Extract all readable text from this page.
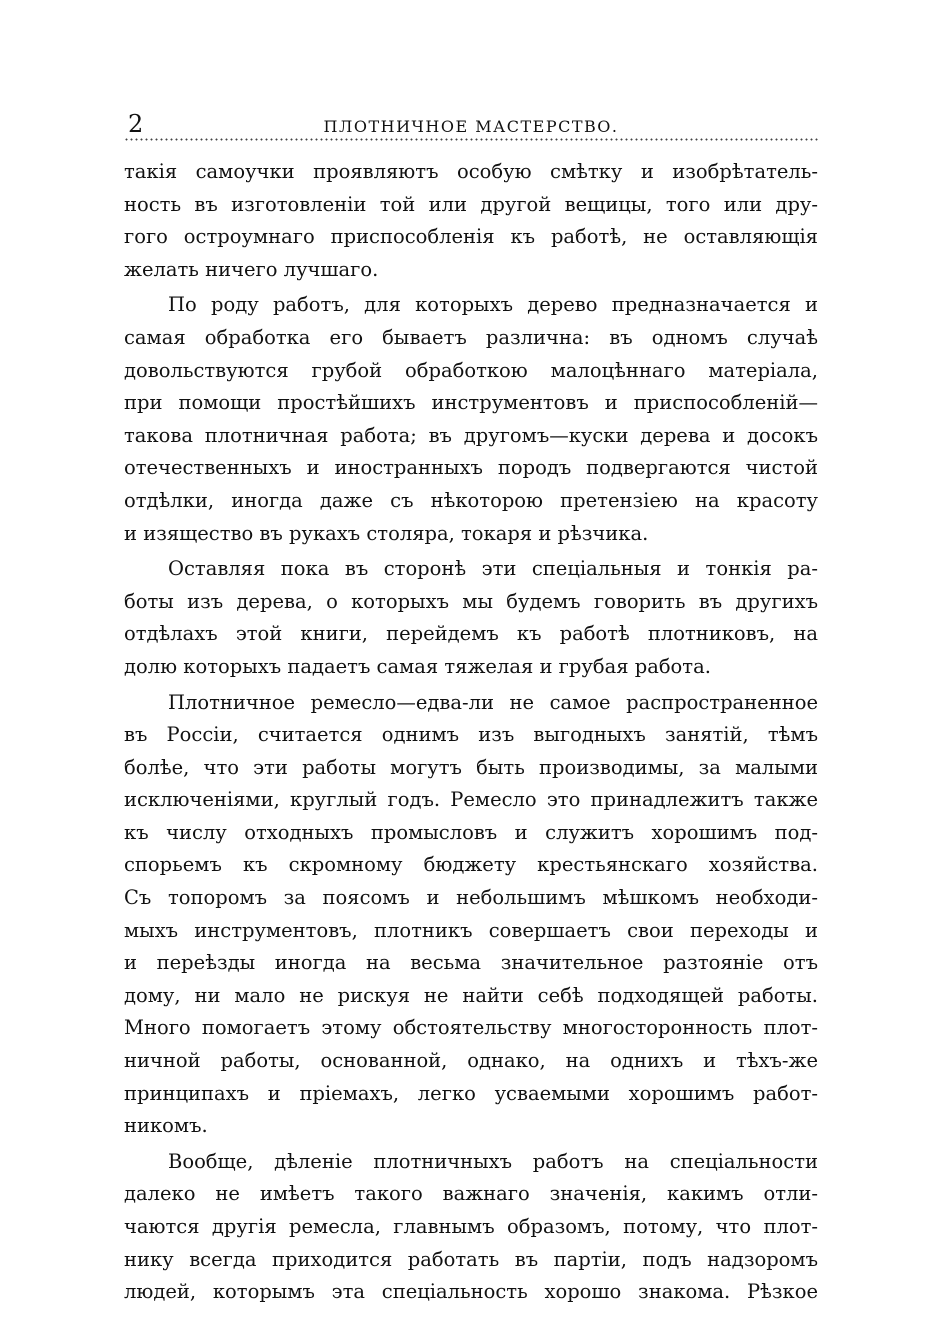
2	ПЛОТНИЧНОЕ МАСТЕРСТВО.
такія самоучки проявляютъ особую смѣтку и изобрѣтатель-
ность въ изготовленіи той или другой вещицы, того или дру-
гого остроумнаго приспособленія къ работѣ, не оставляющія
желать ничего лучшаго.
По роду работъ, для которыхъ дерево предназначается и
самая обработка его бываетъ различна: въ одномъ случаѣ
довольствуются грубой обработкою малоцѣннаго матеріала,
при помощи простѣйшихъ инструментовъ и приспособленій—
такова плотничная работа; въ другомъ—куски дерева и досокъ
отечественныхъ и иностранныхъ породъ подвергаются чистой
отдѣлки, иногда даже съ нѣкоторою претензіею на красоту
и изящество въ рукахъ столяра, токаря и рѣзчика.
Оставляя пока въ сторонѣ эти спеціальныя и тонкія ра-
боты изъ дерева, о которыхъ мы будемъ говорить въ другихъ
отдѣлахъ этой книги, перейдемъ къ работѣ плотниковъ, на
долю которыхъ падаетъ самая тяжелая и грубая работа.
Плотничное ремесло—едва-ли не самое распространенное
въ Россіи, считается однимъ изъ выгодныхъ занятій, тѣмъ
болѣе, что эти работы могутъ быть производимы, за малыми
исключеніями, круглый годъ. Ремесло это принадлежитъ также
къ числу отходныхъ промысловъ и служитъ хорошимъ под-
спорьемъ къ скромному бюджету крестьянскаго хозяйства.
Съ топоромъ за поясомъ и небольшимъ мѣшкомъ необходи-
мыхъ инструментовъ, плотникъ совершаетъ свои переходы и
и переѣзды иногда на весьма значительное разтояніе отъ
дому, ни мало не рискуя не найти себѣ подходящей работы.
Много помогаетъ этому обстоятельству многосторонность плот-
ничной работы, основанной, однако, на однихъ и тѣхъ-же
принципахъ и пріемахъ, легко усваемыми хорошимъ работ-
никомъ.
Вообще, дѣленіе плотничныхъ работъ на спеціальности
далеко не имѣетъ такого важнаго значенія, какимъ отли-
чаются другія ремесла, главнымъ образомъ, потому, что плот-
нику всегда приходится работать въ партіи, подъ надзоромъ
людей, которымъ эта спеціальность хорошо знакома. Рѣзкое
